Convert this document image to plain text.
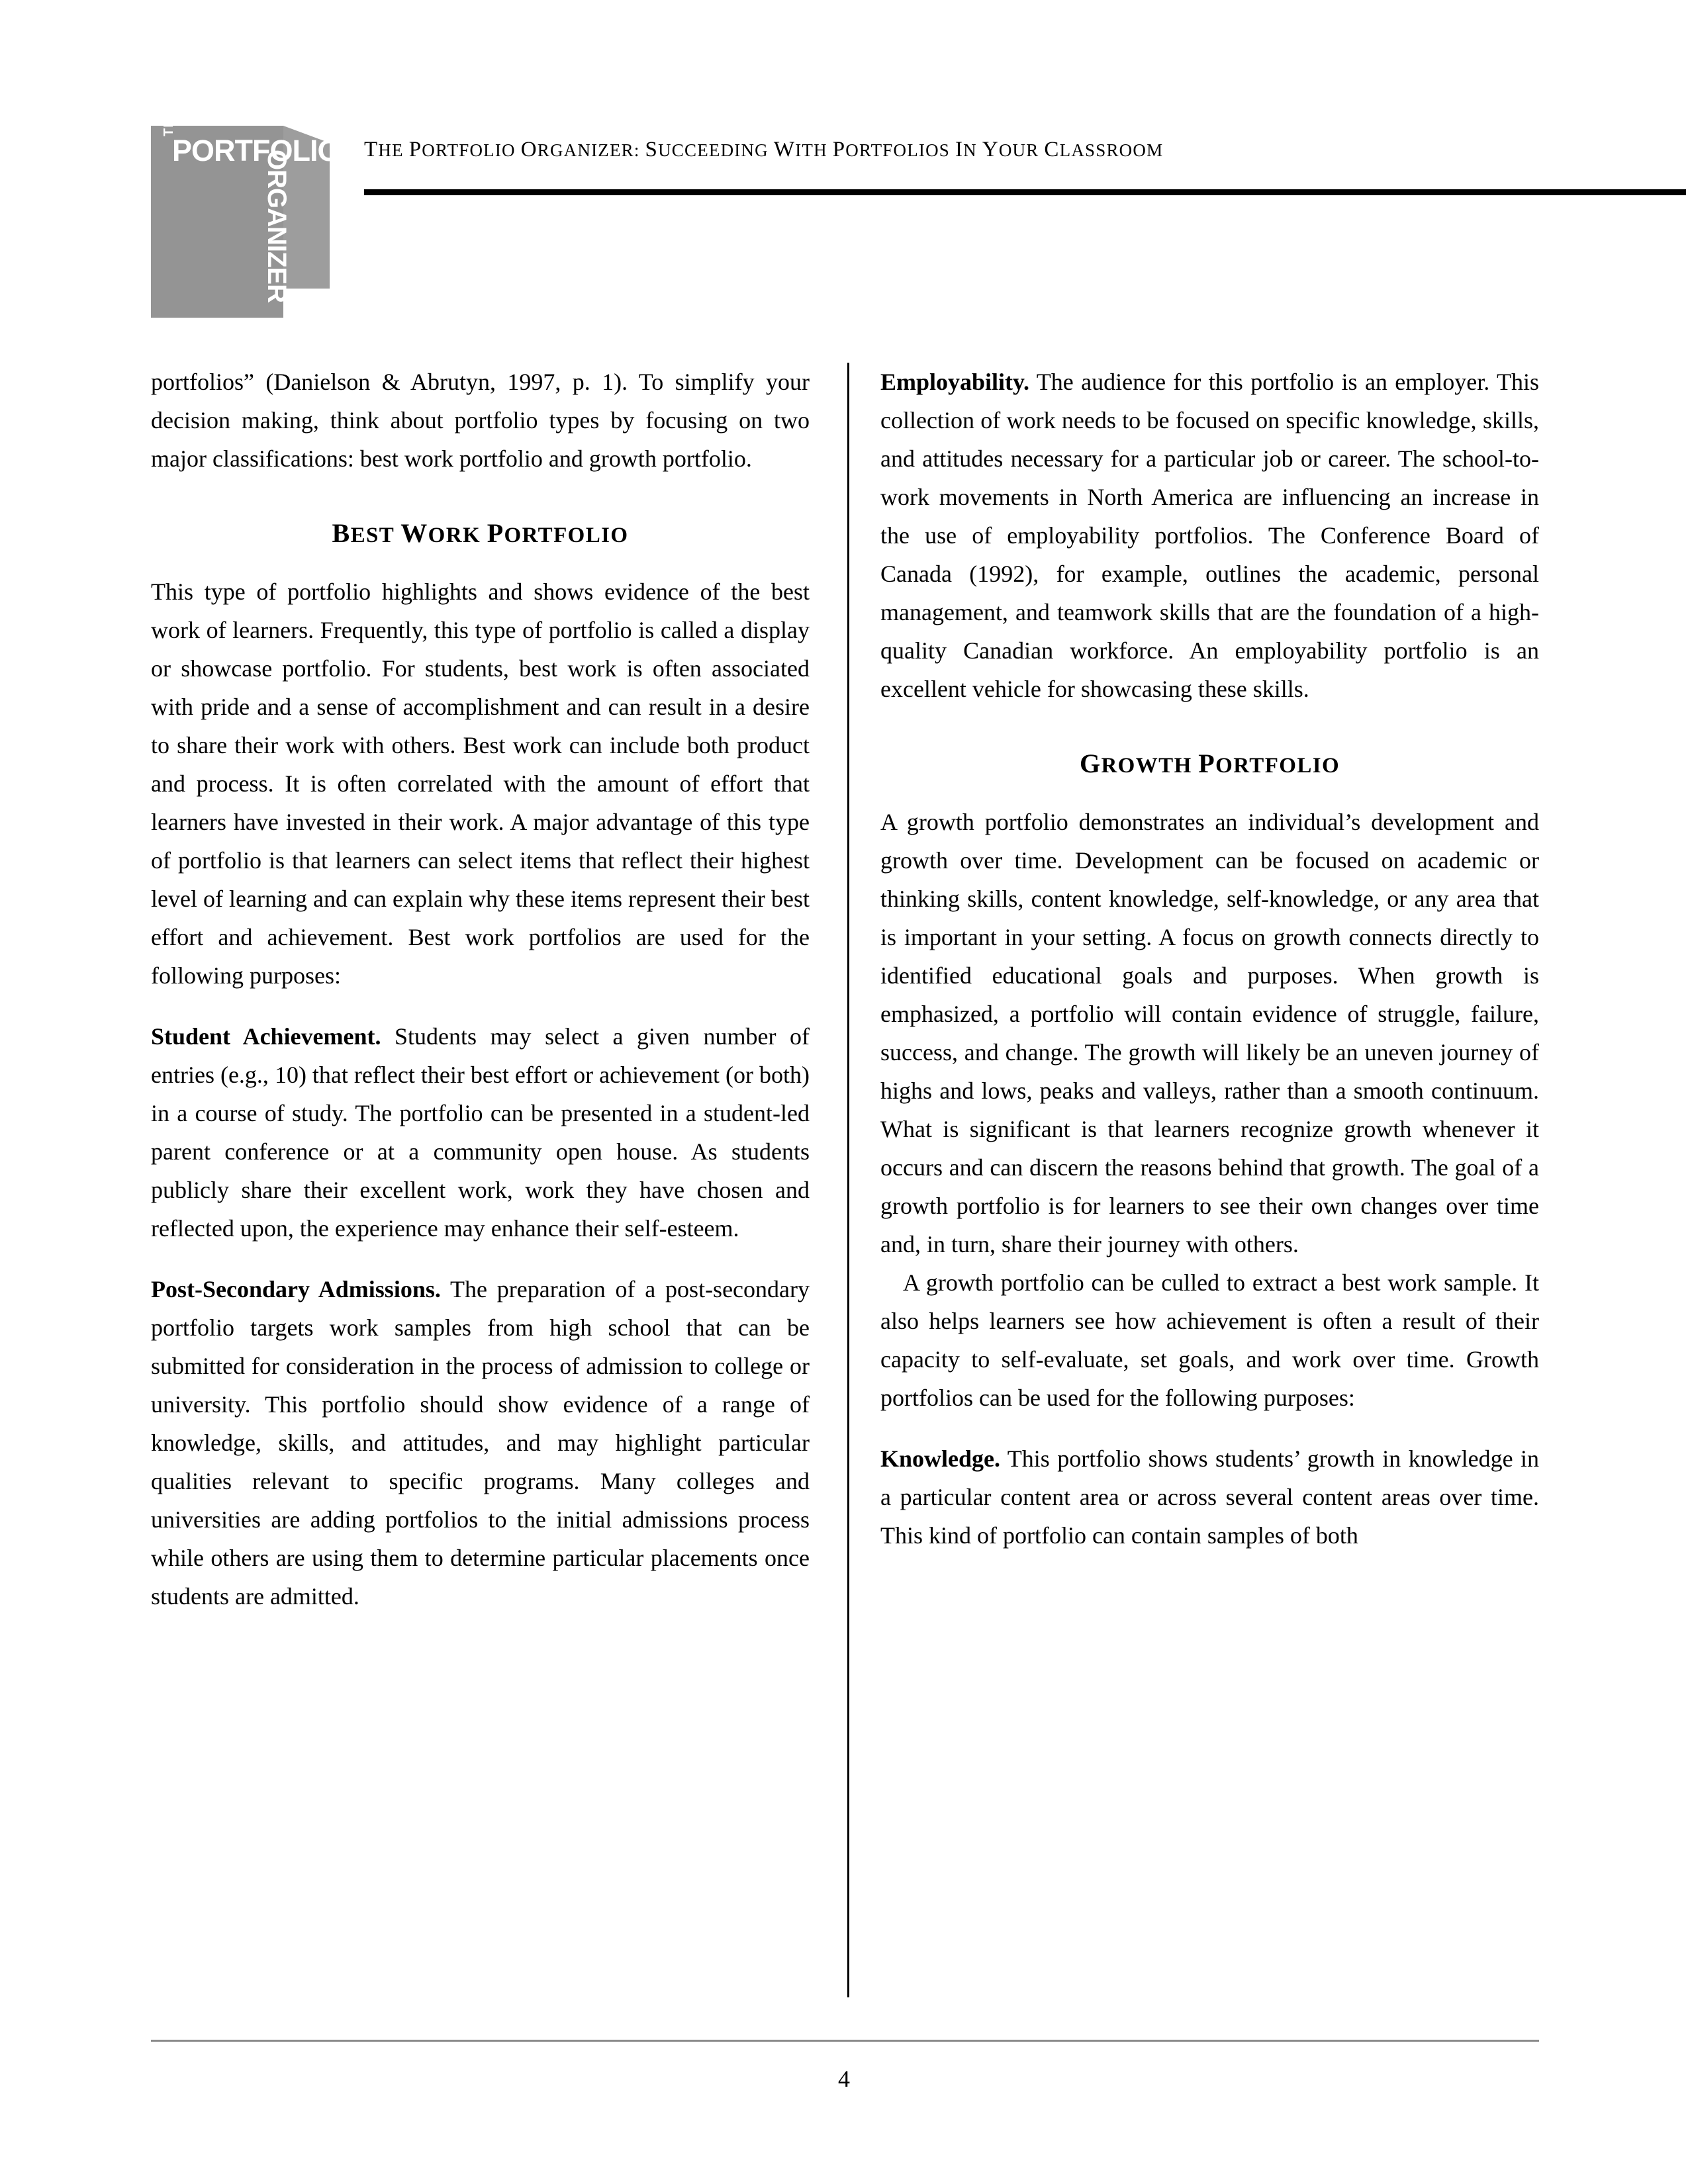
THE
PORTFOLIO
ORGANIZER	THE PORTFOLIO ORGANIZER: SUCCEEDING WITH PORTFOLIOS IN YOUR CLASSROOM

portfolios” (Danielson & Abrutyn, 1997, p. 1). To simplify your decision making, think about portfolio types by focusing on two major classifications: best work portfolio and growth portfolio.

BEST WORK PORTFOLIO

This type of portfolio highlights and shows evidence of the best work of learners. Frequently, this type of portfolio is called a display or showcase portfolio. For students, best work is often associated with pride and a sense of accomplishment and can result in a desire to share their work with others. Best work can include both product and process. It is often correlated with the amount of effort that learners have invested in their work. A major advantage of this type of portfolio is that learners can select items that reflect their highest level of learning and can explain why these items represent their best effort and achievement. Best work portfolios are used for the following purposes:

Student Achievement. Students may select a given number of entries (e.g., 10) that reflect their best effort or achievement (or both) in a course of study. The portfolio can be presented in a student-led parent conference or at a community open house. As students publicly share their excellent work, work they have chosen and reflected upon, the experience may enhance their self-esteem.

Post-Secondary Admissions. The preparation of a post-secondary portfolio targets work samples from high school that can be submitted for consideration in the process of admission to college or university. This portfolio should show evidence of a range of knowledge, skills, and attitudes, and may highlight particular qualities relevant to specific programs. Many colleges and universities are adding portfolios to the initial admissions process while others are using them to determine particular placements once students are admitted.

Employability. The audience for this portfolio is an employer. This collection of work needs to be focused on specific knowledge, skills, and attitudes necessary for a particular job or career. The school-to-work movements in North America are influencing an increase in the use of employability portfolios. The Conference Board of Canada (1992), for example, outlines the academic, personal management, and teamwork skills that are the foundation of a high-quality Canadian workforce. An employability portfolio is an excellent vehicle for showcasing these skills.

GROWTH PORTFOLIO

A growth portfolio demonstrates an individual’s development and growth over time. Development can be focused on academic or thinking skills, content knowledge, self-knowledge, or any area that is important in your setting. A focus on growth connects directly to identified educational goals and purposes. When growth is emphasized, a portfolio will contain evidence of struggle, failure, success, and change. The growth will likely be an uneven journey of highs and lows, peaks and valleys, rather than a smooth continuum. What is significant is that learners recognize growth whenever it occurs and can discern the reasons behind that growth. The goal of a growth portfolio is for learners to see their own changes over time and, in turn, share their journey with others.

A growth portfolio can be culled to extract a best work sample. It also helps learners see how achievement is often a result of their capacity to self-evaluate, set goals, and work over time. Growth portfolios can be used for the following purposes:

Knowledge. This portfolio shows students’ growth in knowledge in a particular content area or across several content areas over time. This kind of portfolio can contain samples of both

4
